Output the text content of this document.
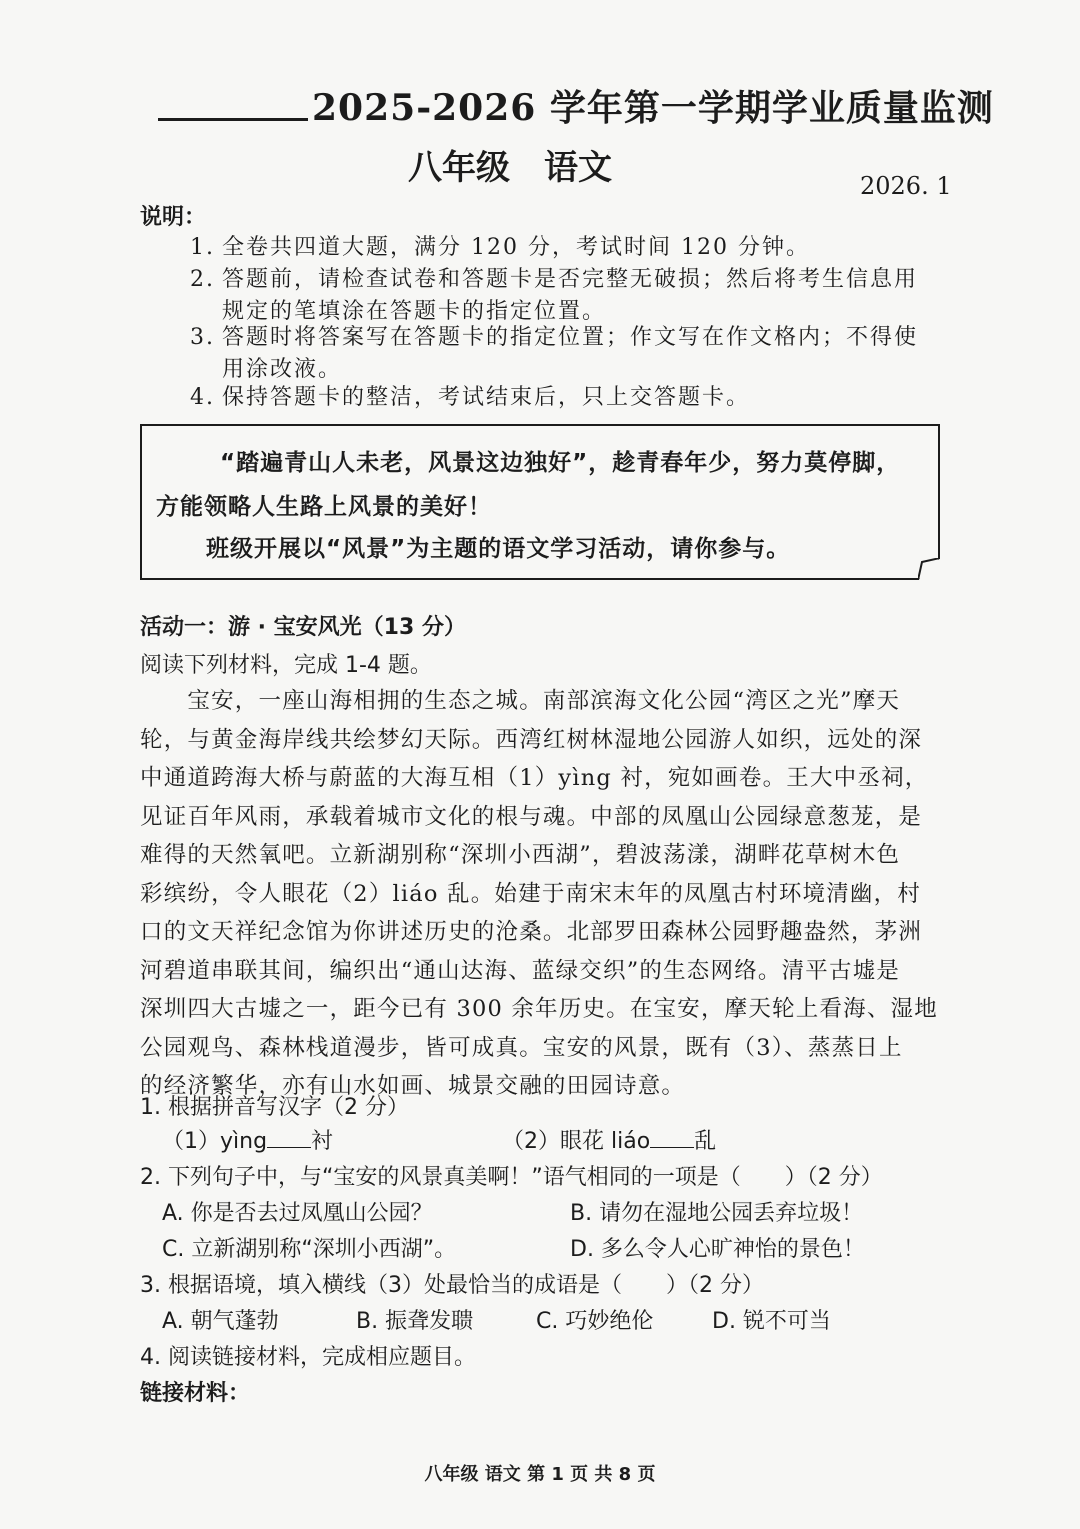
2025-2026 学年第一学期学业质量监测
八年级　语文	2026. 1
说明：
1. 全卷共四道大题，满分 120 分，考试时间 120 分钟。
2. 答题前，请检查试卷和答题卡是否完整无破损；然后将考生信息用
规定的笔填涂在答题卡的指定位置。
3. 答题时将答案写在答题卡的指定位置；作文写在作文格内；不得使
用涂改液。
4. 保持答题卡的整洁，考试结束后，只上交答题卡。

“踏遍青山人未老，风景这边独好”，趁青春年少，努力莫停脚，

方能领略人生路上风景的美好！

班级开展以“风景”为主题的语文学习活动，请你参与。

活动一：游 · 宝安风光（13 分）
阅读下列材料，完成 1-4 题。
　　宝安，一座山海相拥的生态之城。南部滨海文化公园“湾区之光”摩天
轮，与黄金海岸线共绘梦幻天际。西湾红树林湿地公园游人如织，远处的深
中通道跨海大桥与蔚蓝的大海互相（1）yìng 衬，宛如画卷。王大中丞祠，
见证百年风雨，承载着城市文化的根与魂。中部的凤凰山公园绿意葱茏，是
难得的天然氧吧。立新湖别称“深圳小西湖”，碧波荡漾，湖畔花草树木色
彩缤纷，令人眼花（2）liáo 乱。始建于南宋末年的凤凰古村环境清幽，村
口的文天祥纪念馆为你讲述历史的沧桑。北部罗田森林公园野趣盎然，茅洲
河碧道串联其间，编织出“通山达海、蓝绿交织”的生态网络。清平古墟是
深圳四大古墟之一，距今已有 300 余年历史。在宝安，摩天轮上看海、湿地
公园观鸟、森林栈道漫步，皆可成真。宝安的风景，既有（3）、蒸蒸日上
的经济繁华，亦有山水如画、城景交融的田园诗意。
1. 根据拼音写汉字（2 分）
（1）yìng 衬	（2）眼花 liáo 乱
2. 下列句子中，与“宝安的风景真美啊！”语气相同的一项是（　　）（2 分）
A. 你是否去过凤凰山公园？	B. 请勿在湿地公园丢弃垃圾！
C. 立新湖别称“深圳小西湖”。	D. 多么令人心旷神怡的景色！
3. 根据语境，填入横线（3）处最恰当的成语是（　　）（2 分）
A. 朝气蓬勃	B. 振聋发聩	C. 巧妙绝伦	D. 锐不可当
4. 阅读链接材料，完成相应题目。
链接材料：
八年级 语文 第 1 页 共 8 页
